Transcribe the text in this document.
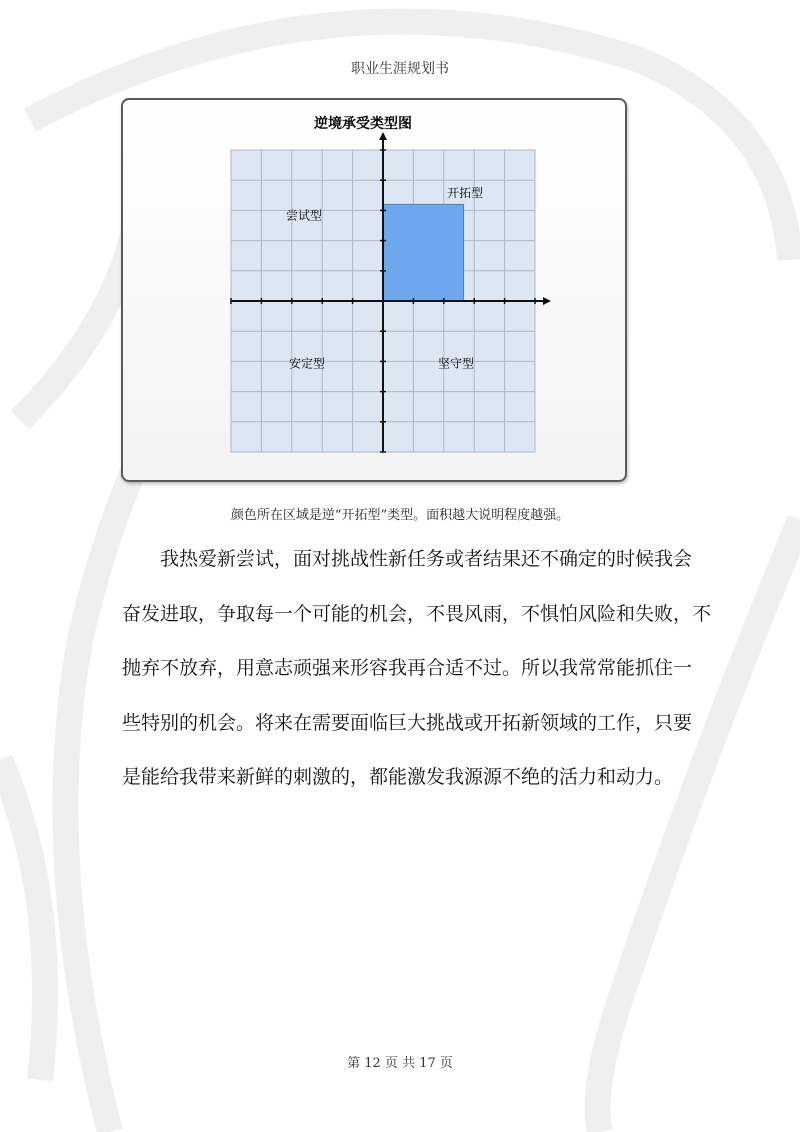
职业生涯规划书
逆境承受类型图
尝试型
开拓型
安定型	坚守型
颜色所在区域是逆“开拓型”类型。面积越大说明程度越强。
我热爱新尝试，面对挑战性新任务或者结果还不确定的时候我会
奋发进取，争取每一个可能的机会，不畏风雨，不惧怕风险和失败，不
抛弃不放弃，用意志顽强来形容我再合适不过。所以我常常能抓住一
些特别的机会。将来在需要面临巨大挑战或开拓新领域的工作，只要
是能给我带来新鲜的刺激的，都能激发我源源不绝的活力和动力。
第 12 页 共 17 页
